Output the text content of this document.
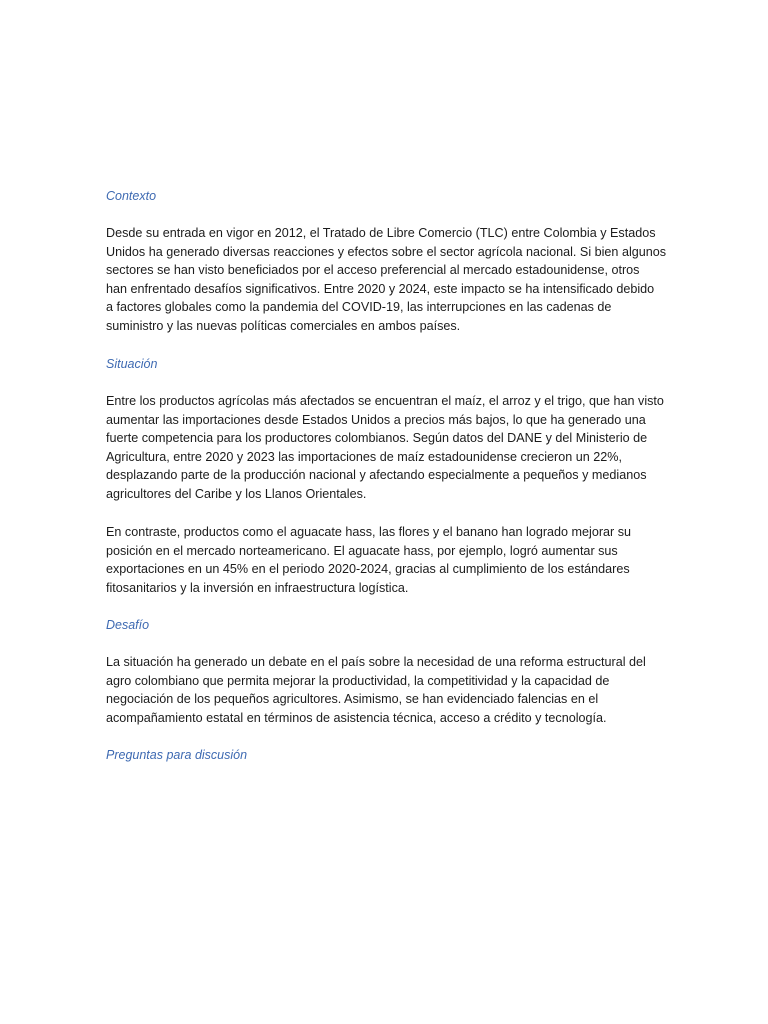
Contexto
Desde su entrada en vigor en 2012, el Tratado de Libre Comercio (TLC) entre Colombia y Estados
Unidos ha generado diversas reacciones y efectos sobre el sector agrícola nacional. Si bien algunos
sectores se han visto beneficiados por el acceso preferencial al mercado estadounidense, otros
han enfrentado desafíos significativos. Entre 2020 y 2024, este impacto se ha intensificado debido
a factores globales como la pandemia del COVID-19, las interrupciones en las cadenas de
suministro y las nuevas políticas comerciales en ambos países.
Situación
Entre los productos agrícolas más afectados se encuentran el maíz, el arroz y el trigo, que han visto
aumentar las importaciones desde Estados Unidos a precios más bajos, lo que ha generado una
fuerte competencia para los productores colombianos. Según datos del DANE y del Ministerio de
Agricultura, entre 2020 y 2023 las importaciones de maíz estadounidense crecieron un 22%,
desplazando parte de la producción nacional y afectando especialmente a pequeños y medianos
agricultores del Caribe y los Llanos Orientales.
En contraste, productos como el aguacate hass, las flores y el banano han logrado mejorar su
posición en el mercado norteamericano. El aguacate hass, por ejemplo, logró aumentar sus
exportaciones en un 45% en el periodo 2020-2024, gracias al cumplimiento de los estándares
fitosanitarios y la inversión en infraestructura logística.
Desafío
La situación ha generado un debate en el país sobre la necesidad de una reforma estructural del
agro colombiano que permita mejorar la productividad, la competitividad y la capacidad de
negociación de los pequeños agricultores. Asimismo, se han evidenciado falencias en el
acompañamiento estatal en términos de asistencia técnica, acceso a crédito y tecnología.
Preguntas para discusión
